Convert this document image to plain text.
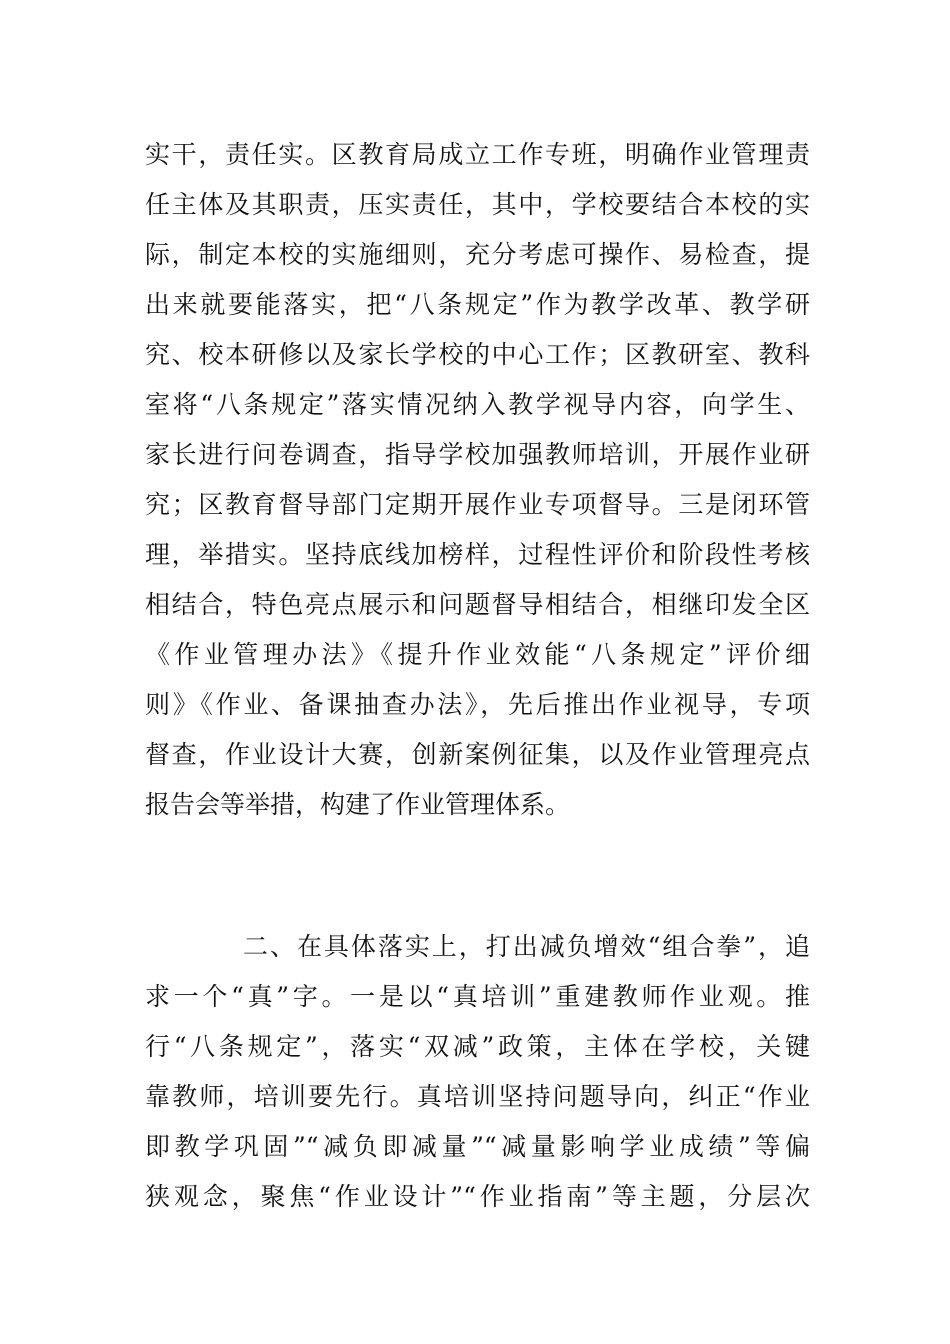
实干，责任实。区教育局成立工作专班，明确作业管理责
任主体及其职责，压实责任，其中，学校要结合本校的实
际，制定本校的实施细则，充分考虑可操作、易检查，提
出来就要能落实，把“八条规定”作为教学改革、教学研
究、校本研修以及家长学校的中心工作；区教研室、教科
室将“八条规定”落实情况纳入教学视导内容，向学生、
家长进行问卷调查，指导学校加强教师培训，开展作业研
究；区教育督导部门定期开展作业专项督导。三是闭环管
理，举措实。坚持底线加榜样，过程性评价和阶段性考核
相结合，特色亮点展示和问题督导相结合，相继印发全区
《作业管理办法》《提升作业效能“八条规定”评价细
则》《作业、备课抽查办法》，先后推出作业视导，专项
督查，作业设计大赛，创新案例征集，以及作业管理亮点
报告会等举措，构建了作业管理体系。
二、在具体落实上，打出减负增效“组合拳”，追
求一个“真”字。一是以“真培训”重建教师作业观。推
行“八条规定”，落实“双减”政策，主体在学校，关键
靠教师，培训要先行。真培训坚持问题导向，纠正“作业
即教学巩固”“减负即减量”“减量影响学业成绩”等偏
狭观念，聚焦“作业设计”“作业指南”等主题，分层次
